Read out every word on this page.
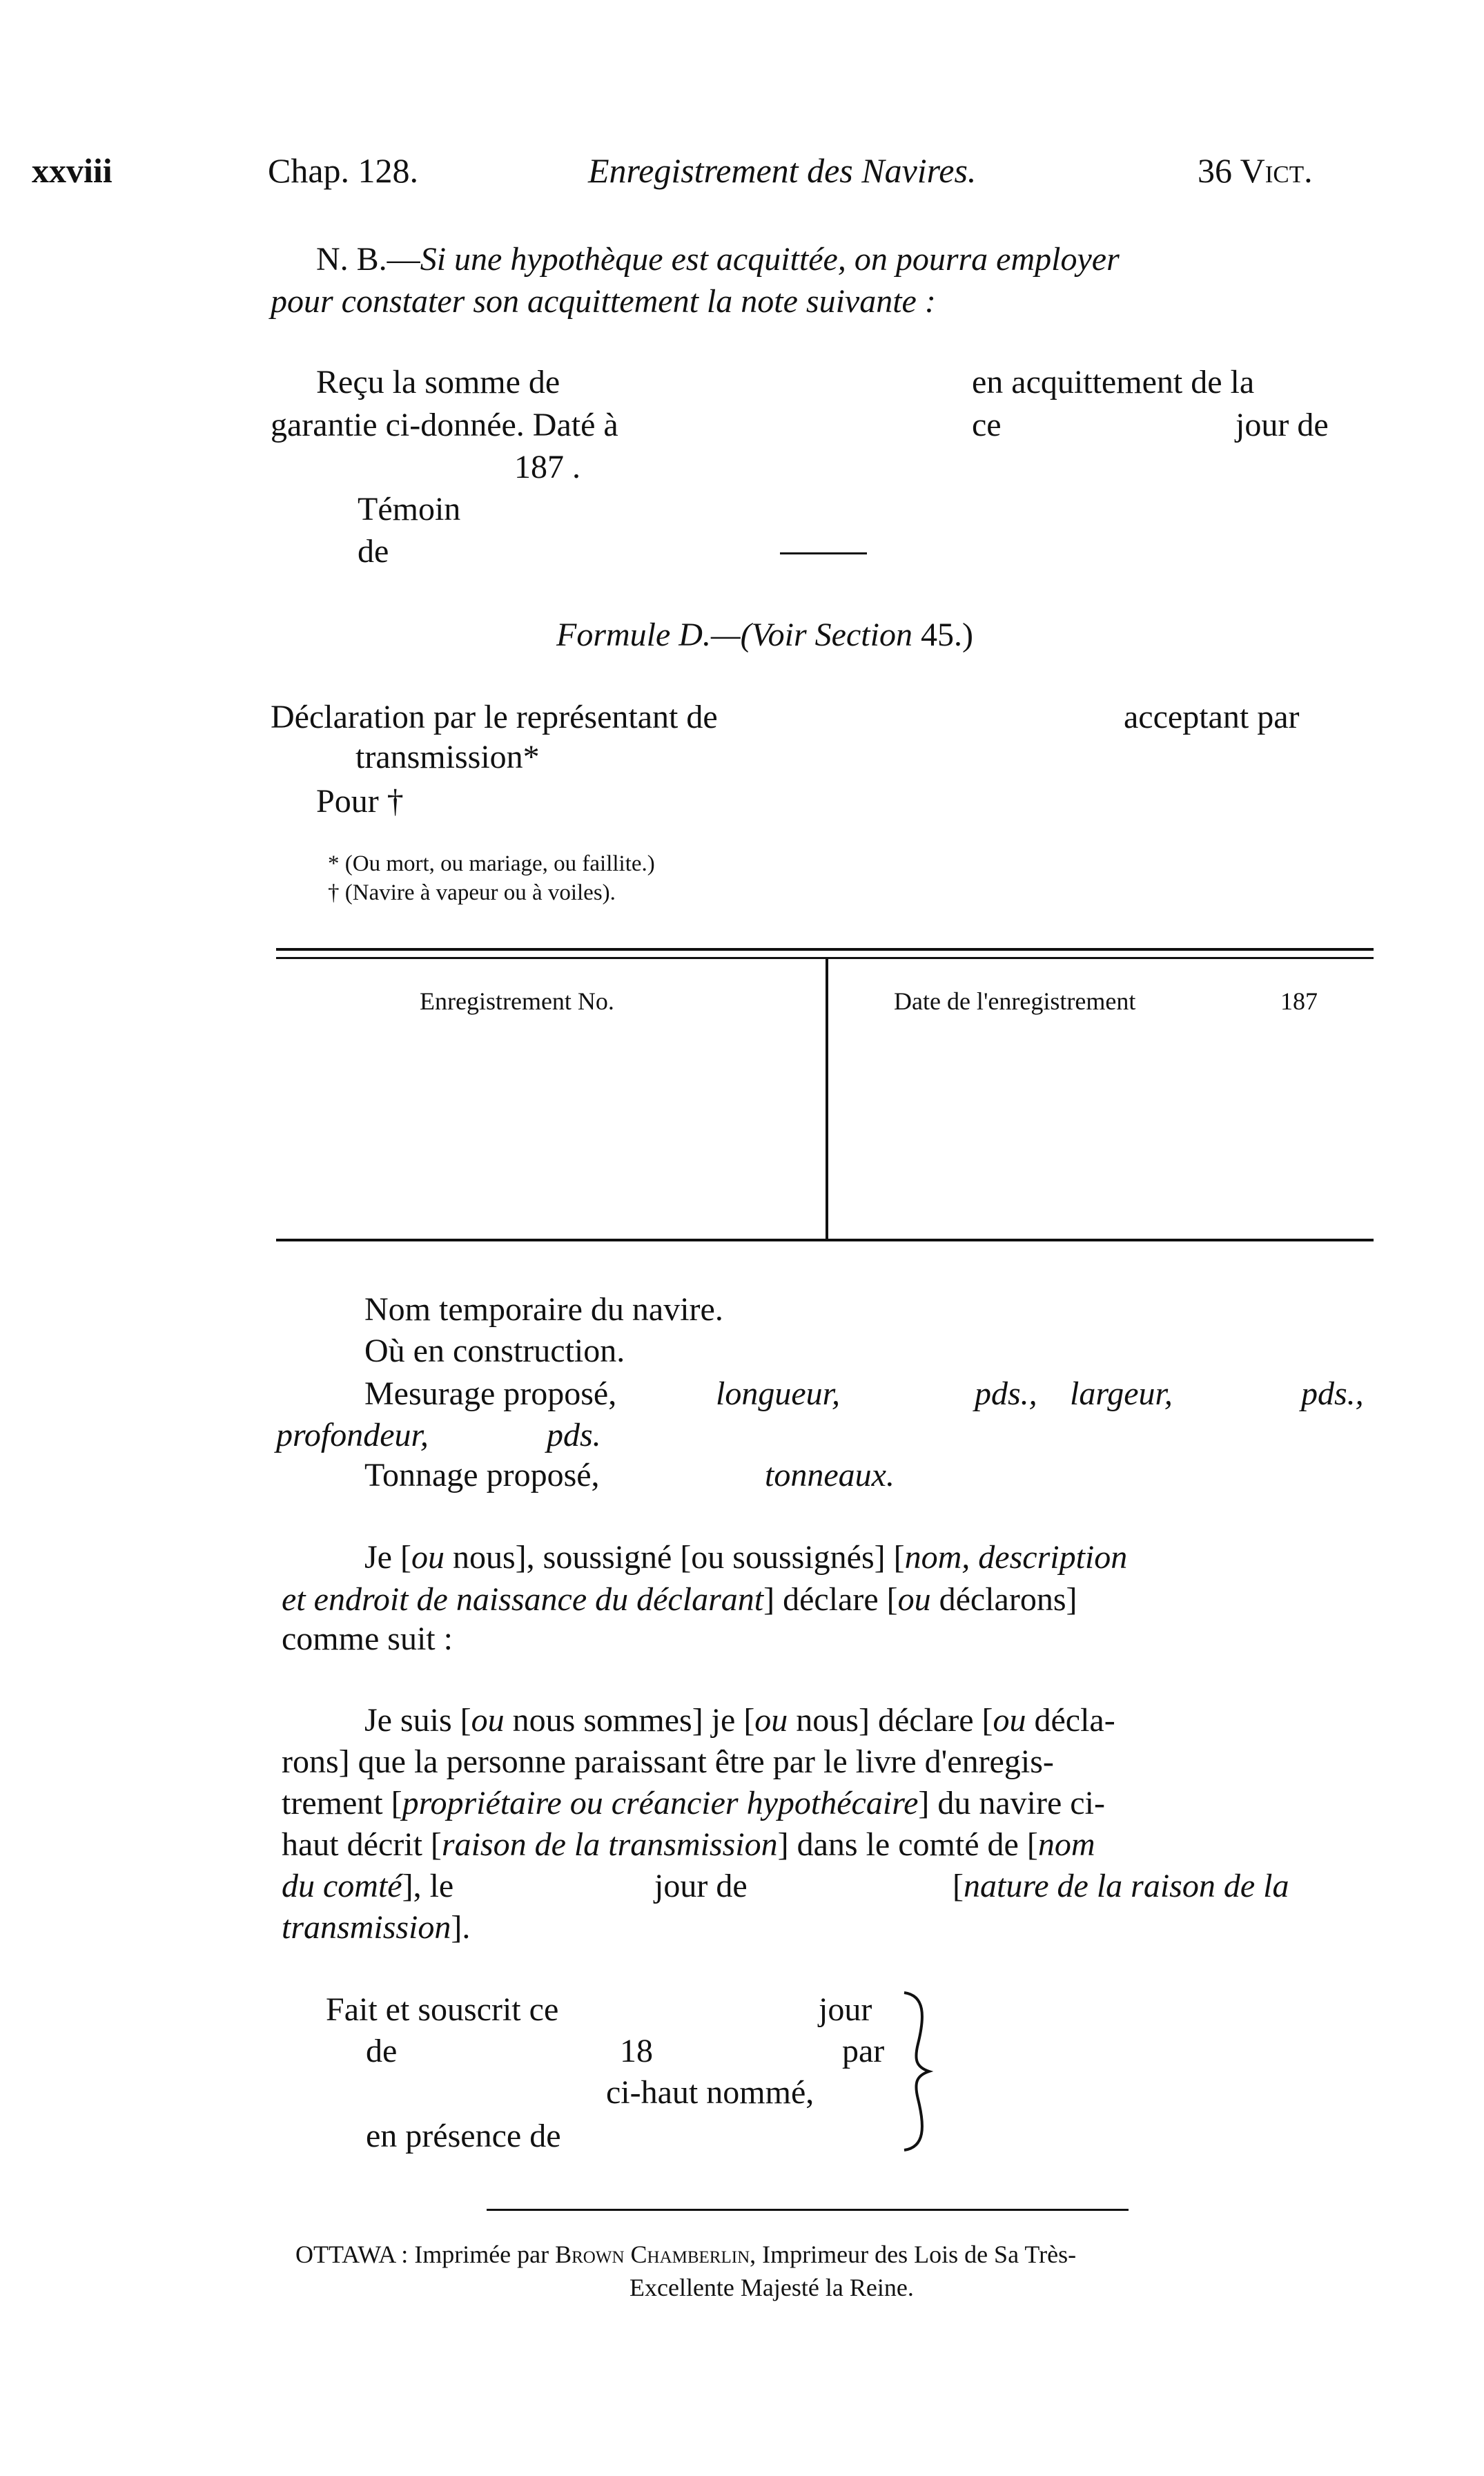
xxviii	Chap. 128.	Enregistrement des Navires.	36 Vict.
N. B.—Si une hypothèque est acquittée, on pourra employer
pour constater son acquittement la note suivante :
Reçu la somme de	en acquittement de la
garantie ci-donnée. Daté à	ce	jour de
187 .
Témoin
de
Formule D.—(Voir Section 45.)
Déclaration par le représentant de	acceptant par
transmission*
Pour †
* (Ou mort, ou mariage, ou faillite.)
† (Navire à vapeur ou à voiles).
Enregistrement No.	Date de l'enregistrement	187
Nom temporaire du navire.
Où en construction.
Mesurage proposé,	longueur,	pds., largeur,	pds.,
profondeur,	pds.
Tonnage proposé,	tonneaux.
Je [ou nous], soussigné [ou soussignés] [nom, description
et endroit de naissance du déclarant] déclare [ou déclarons]
comme suit :
Je suis [ou nous sommes] je [ou nous] déclare [ou décla-
rons] que la personne paraissant être par le livre d'enregis-
trement [propriétaire ou créancier hypothécaire] du navire ci-
haut décrit [raison de la transmission] dans le comté de [nom
du comté], le	jour de	[nature de la raison de la
transmission].
Fait et souscrit ce	jour
de	18	par
ci-haut nommé,
en présence de
OTTAWA : Imprimée par Brown Chamberlin, Imprimeur des Lois de Sa Très-
Excellente Majesté la Reine.
